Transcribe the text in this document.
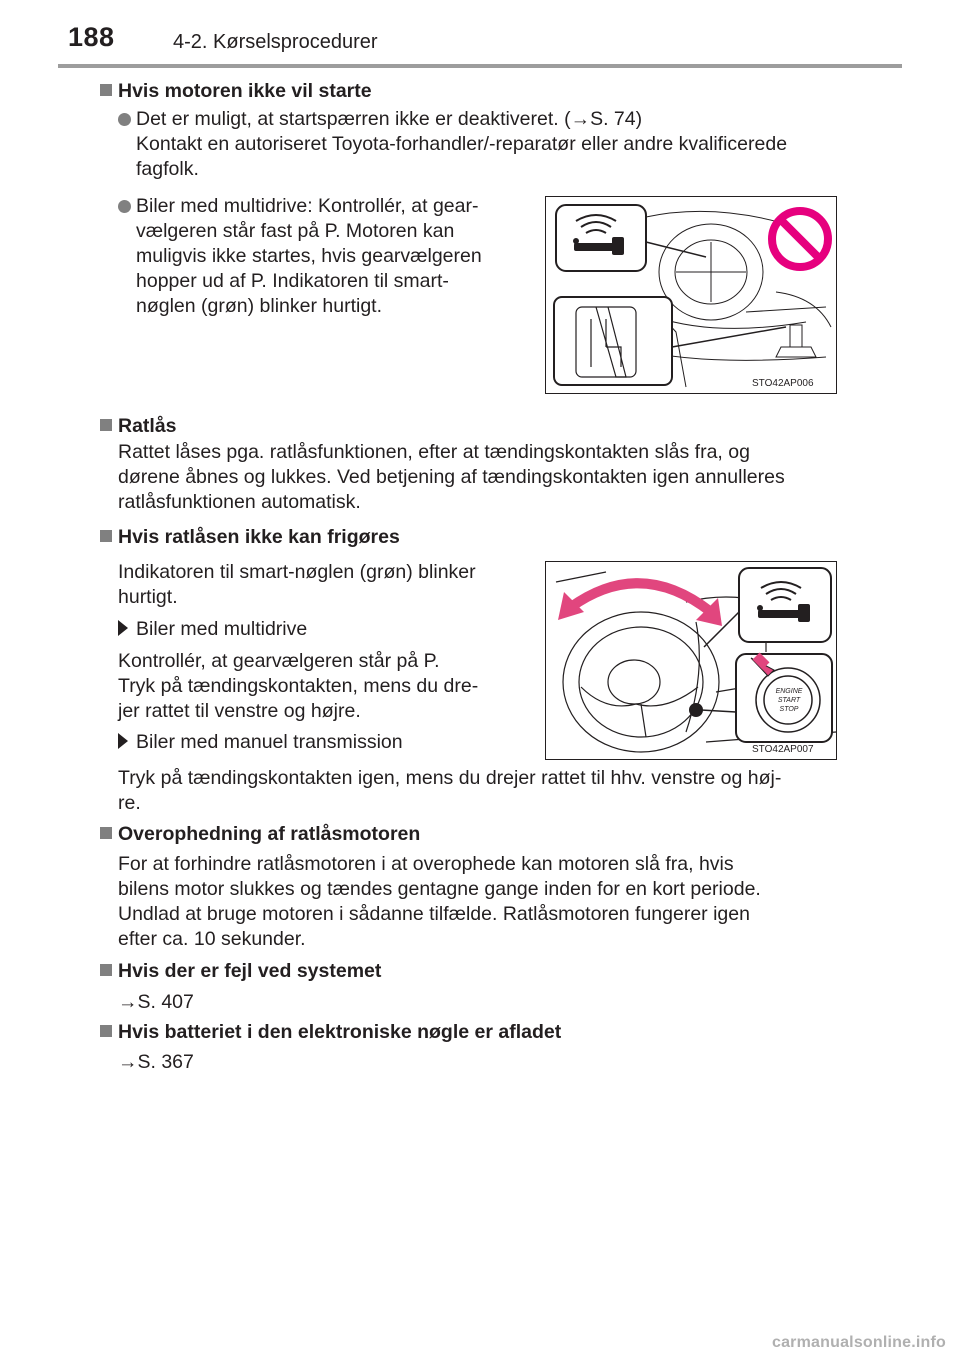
188	4-2. Kørselsprocedurer
Hvis motoren ikke vil starte
Det er muligt, at startspærren ikke er deaktiveret. (→S. 74)
Kontakt en autoriseret Toyota-forhandler/-reparatør eller andre kvalificerede
fagfolk.
Biler med multidrive: Kontrollér, at gear-
vælgeren står fast på P. Motoren kan
muligvis ikke startes, hvis gearvælgeren
hopper ud af P. Indikatoren til smart-
nøglen (grøn) blinker hurtigt.
STO42AP006
Ratlås
Rattet låses pga. ratlåsfunktionen, efter at tændingskontakten slås fra, og
dørene åbnes og lukkes. Ved betjening af tændingskontakten igen annulleres
ratlåsfunktionen automatisk.
Hvis ratlåsen ikke kan frigøres
Indikatoren til smart-nøglen (grøn) blinker
hurtigt.
Biler med multidrive
Kontrollér, at gearvælgeren står på P.
Tryk på tændingskontakten, mens du dre-
jer rattet til venstre og højre.
Biler med manuel transmission
Tryk på tændingskontakten igen, mens du drejer rattet til hhv. venstre og høj-
re.
ENGINE
START
STOP
STO42AP007
Overophedning af ratlåsmotoren
For at forhindre ratlåsmotoren i at overophede kan motoren slå fra, hvis
bilens motor slukkes og tændes gentagne gange inden for en kort periode.
Undlad at bruge motoren i sådanne tilfælde. Ratlåsmotoren fungerer igen
efter ca. 10 sekunder.
Hvis der er fejl ved systemet
→S. 407
Hvis batteriet i den elektroniske nøgle er afladet
→S. 367
carmanualsonline.info
